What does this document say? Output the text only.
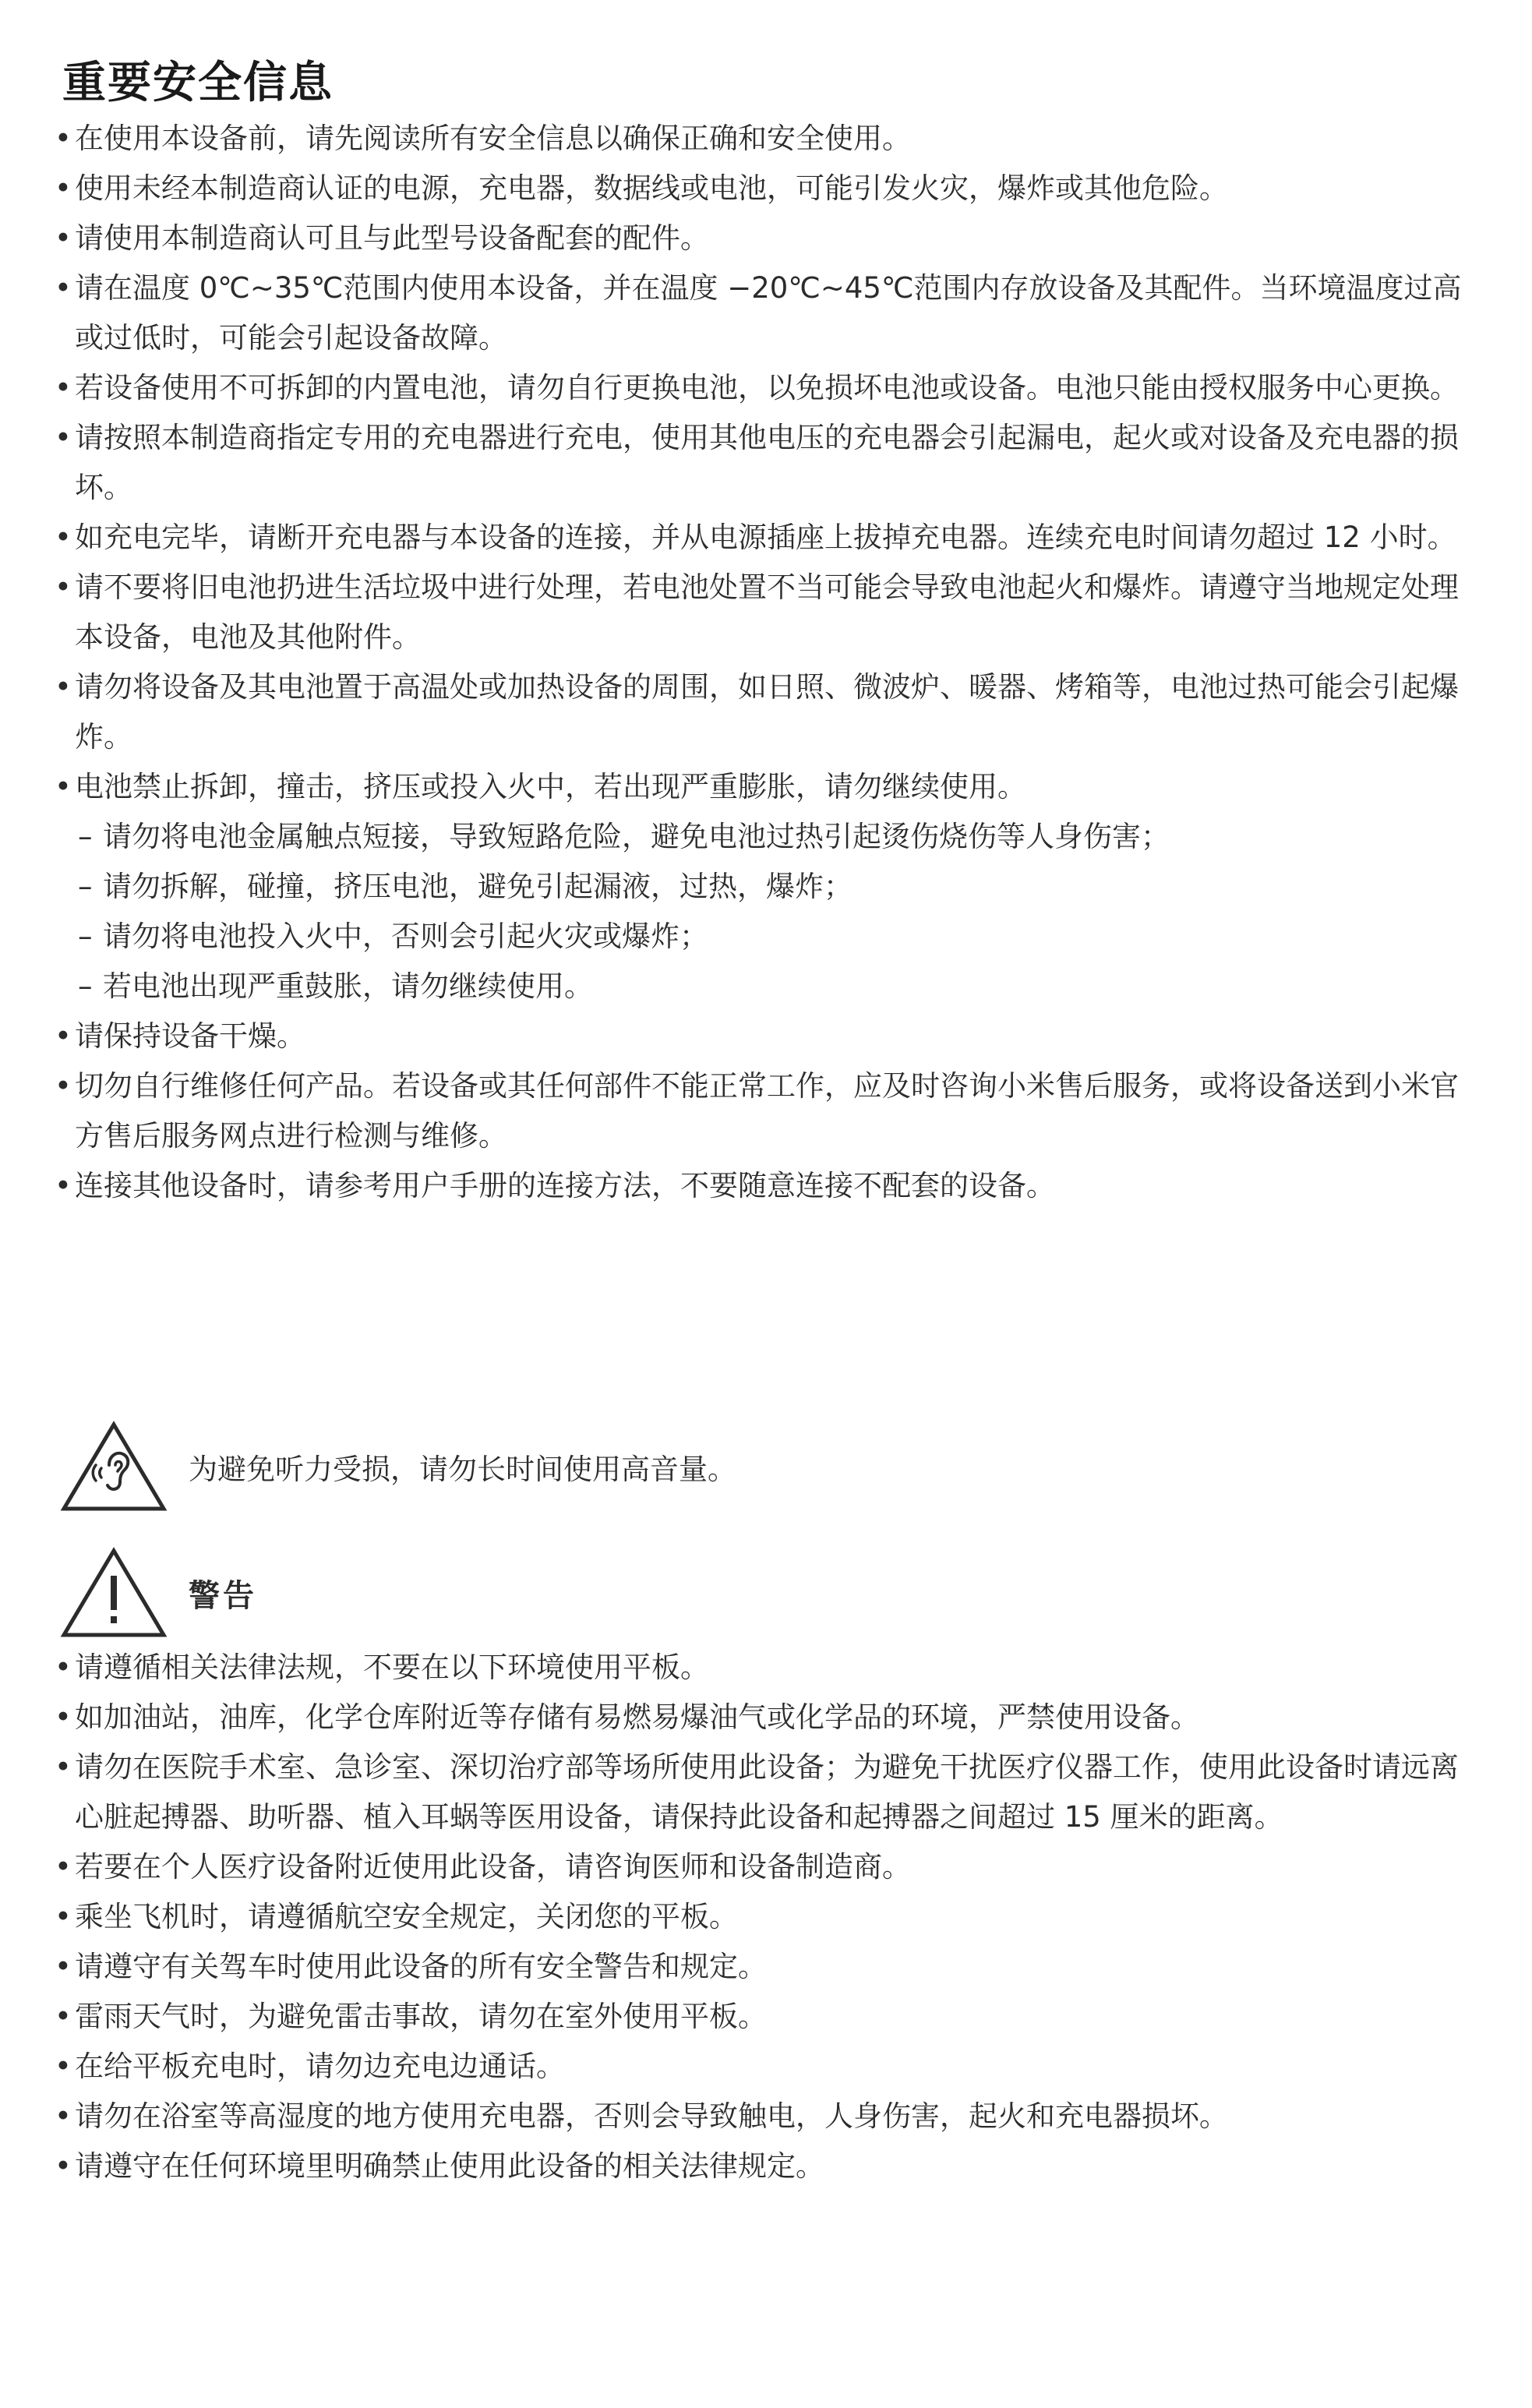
重要安全信息
• 在使用本设备前，请先阅读所有安全信息以确保正确和安全使用。
• 使用未经本制造商认证的电源，充电器，数据线或电池，可能引发火灾，爆炸或其他危险。
• 请使用本制造商认可且与此型号设备配套的配件。
• 请在温度 0℃~35℃范围内使用本设备，并在温度 −20℃~45℃范围内存放设备及其配件。当环境温度过高或过低时，可能会引起设备故障。
• 若设备使用不可拆卸的内置电池，请勿自行更换电池，以免损坏电池或设备。电池只能由授权服务中心更换。
• 请按照本制造商指定专用的充电器进行充电，使用其他电压的充电器会引起漏电，起火或对设备及充电器的损坏。
• 如充电完毕，请断开充电器与本设备的连接，并从电源插座上拔掉充电器。连续充电时间请勿超过 12 小时。
• 请不要将旧电池扔进生活垃圾中进行处理，若电池处置不当可能会导致电池起火和爆炸。请遵守当地规定处理本设备，电池及其他附件。
• 请勿将设备及其电池置于高温处或加热设备的周围，如日照、微波炉、暖器、烤箱等，电池过热可能会引起爆炸。
• 电池禁止拆卸，撞击，挤压或投入火中，若出现严重膨胀，请勿继续使用。
– 请勿将电池金属触点短接，导致短路危险，避免电池过热引起烫伤烧伤等人身伤害；
– 请勿拆解，碰撞，挤压电池，避免引起漏液，过热，爆炸；
– 请勿将电池投入火中，否则会引起火灾或爆炸；
– 若电池出现严重鼓胀，请勿继续使用。
• 请保持设备干燥。
• 切勿自行维修任何产品。若设备或其任何部件不能正常工作，应及时咨询小米售后服务，或将设备送到小米官方售后服务网点进行检测与维修。
• 连接其他设备时，请参考用户手册的连接方法，不要随意连接不配套的设备。
为避免听力受损，请勿长时间使用高音量。
警告
• 请遵循相关法律法规，不要在以下环境使用平板。
• 如加油站，油库，化学仓库附近等存储有易燃易爆油气或化学品的环境，严禁使用设备。
• 请勿在医院手术室、急诊室、深切治疗部等场所使用此设备；为避免干扰医疗仪器工作，使用此设备时请远离心脏起搏器、助听器、植入耳蜗等医用设备，请保持此设备和起搏器之间超过 15 厘米的距离。
• 若要在个人医疗设备附近使用此设备，请咨询医师和设备制造商。
• 乘坐飞机时，请遵循航空安全规定，关闭您的平板。
• 请遵守有关驾车时使用此设备的所有安全警告和规定。
• 雷雨天气时，为避免雷击事故，请勿在室外使用平板。
• 在给平板充电时，请勿边充电边通话。
• 请勿在浴室等高湿度的地方使用充电器，否则会导致触电，人身伤害，起火和充电器损坏。
• 请遵守在任何环境里明确禁止使用此设备的相关法律规定。
